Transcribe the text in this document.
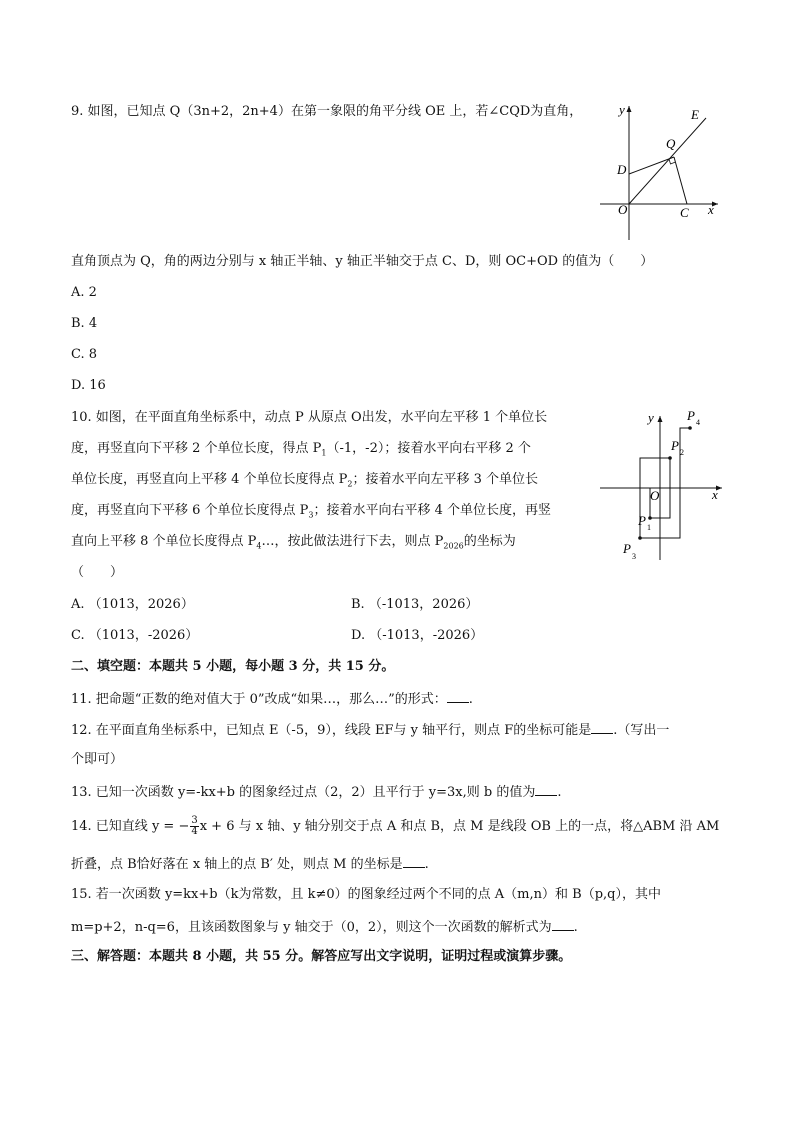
9. 如图，已知点 Q（3n+2，2n+4）在第一象限的角平分线 OE 上，若∠CQD为直角，	y
x
E
Q
D
O	C
直角顶点为 Q，角的两边分别与 x 轴正半轴、y 轴正半轴交于点 C、D，则 OC+OD 的值为（　　）
A. 2
B. 4
C. 8
D. 16
10. 如图，在平面直角坐标系中，动点 P 从原点 O出发，水平向左平移 1 个单位长
度，再竖直向下平移 2 个单位长度，得点 $P_1(-1$，-2）；接着水平向右平移 2 个
单位长度，再竖直向上平移 4 个单位长度得点 $P_2$；接着水平向左平移 3 个单位长
度，再竖直向下平移 6 个单位长度得点 $P_3$；接着水平向右平移 4 个单位长度，再竖
直向上平移 8 个单位长度得点 $P_4\dots$，按此做法进行下去，则点 $P_{2026}$的坐标为
（　　）
y
x
O
P 1
P 2
P
3
P 4
A. （1013，2026）	B. （-1013，2026）
C. （1013，-2026）	D. （-1013，-2026）
二、填空题：本题共 5 小题，每小题 3 分，共 15 分。
11. 把命题“正数的绝对值大于 0”改成“如果…，那么…”的形式： .
12. 在平面直角坐标系中，已知点 E（-5，9），线段 EF与 y 轴平行，则点 F的坐标可能是 .（写出一
个即可）
13. 已知一次函数 y=-kx+b 的图象经过点（2，2）且平行于 y=3x,则 b 的值为 .
14. 已知直线 y = − $\frac{3}{4}$ x + 6 与 x 轴、y 轴分别交于点 A 和点 B，点 M 是线段 OB 上的一点，将△ABM 沿 AM
折叠，点 B恰好落在 x 轴上的点 B′ 处，则点 M 的坐标是 .
15. 若一次函数 y=kx+b（k为常数，且 k≠0）的图象经过两个不同的点 A（m,n）和 B（p,q），其中
m=p+2，n-q=6，且该函数图象与 y 轴交于（0，2），则这个一次函数的解析式为 .
三、解答题：本题共 8 小题，共 55 分。解答应写出文字说明，证明过程或演算步骤。
